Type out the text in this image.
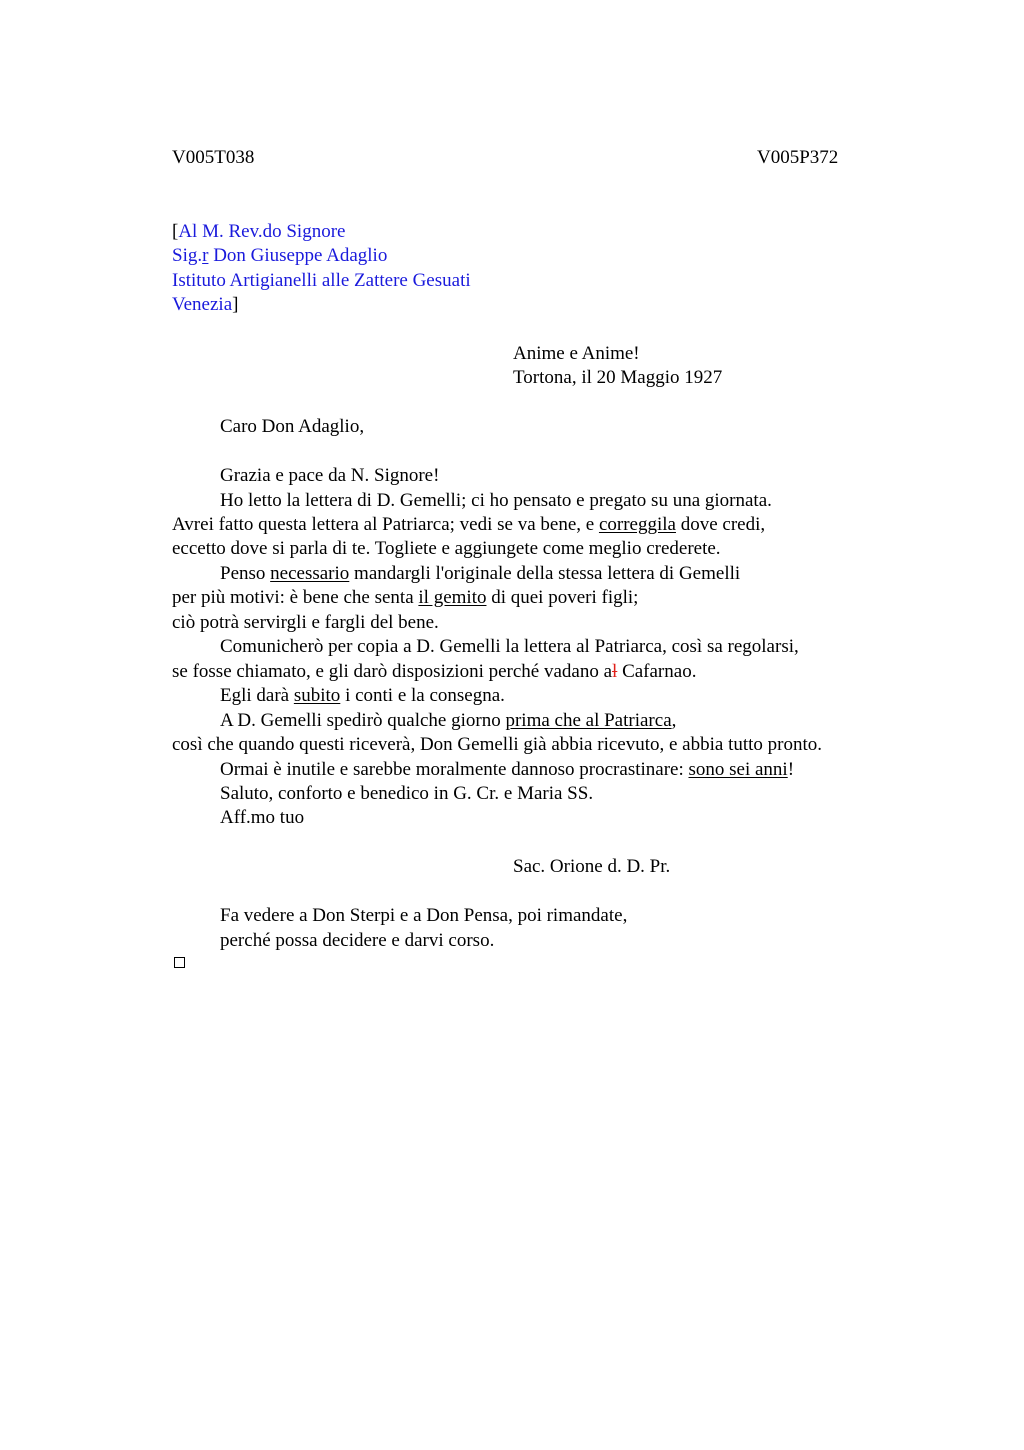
V005T038	V005P372
[Al M. Rev.do Signore
Sig.r Don Giuseppe Adaglio
Istituto Artigianelli alle Zattere Gesuati
Venezia]
Anime e Anime!
Tortona, il 20 Maggio 1927
Caro Don Adaglio,
Grazia e pace da N. Signore!
Ho letto la lettera di D. Gemelli; ci ho pensato e pregato su una giornata.
Avrei fatto questa lettera al Patriarca; vedi se va bene, e correggila dove credi,
eccetto dove si parla di te. Togliete e aggiungete come meglio crederete.
Penso necessario mandargli l'originale della stessa lettera di Gemelli
per più motivi: è bene che senta il gemito di quei poveri figli;
ciò potrà servirgli e fargli del bene.
Comunicherò per copia a D. Gemelli la lettera al Patriarca, così sa regolarsi,
se fosse chiamato, e gli darò disposizioni perché vadano al Cafarnao.
Egli darà subito i conti e la consegna.
A D. Gemelli spedirò qualche giorno prima che al Patriarca,
così che quando questi riceverà, Don Gemelli già abbia ricevuto, e abbia tutto pronto.
Ormai è inutile e sarebbe moralmente dannoso procrastinare: sono sei anni!
Saluto, conforto e benedico in G. Cr. e Maria SS.
Aff.mo tuo
Sac. Orione d. D. Pr.
Fa vedere a Don Sterpi e a Don Pensa, poi rimandate,
perché possa decidere e darvi corso.
